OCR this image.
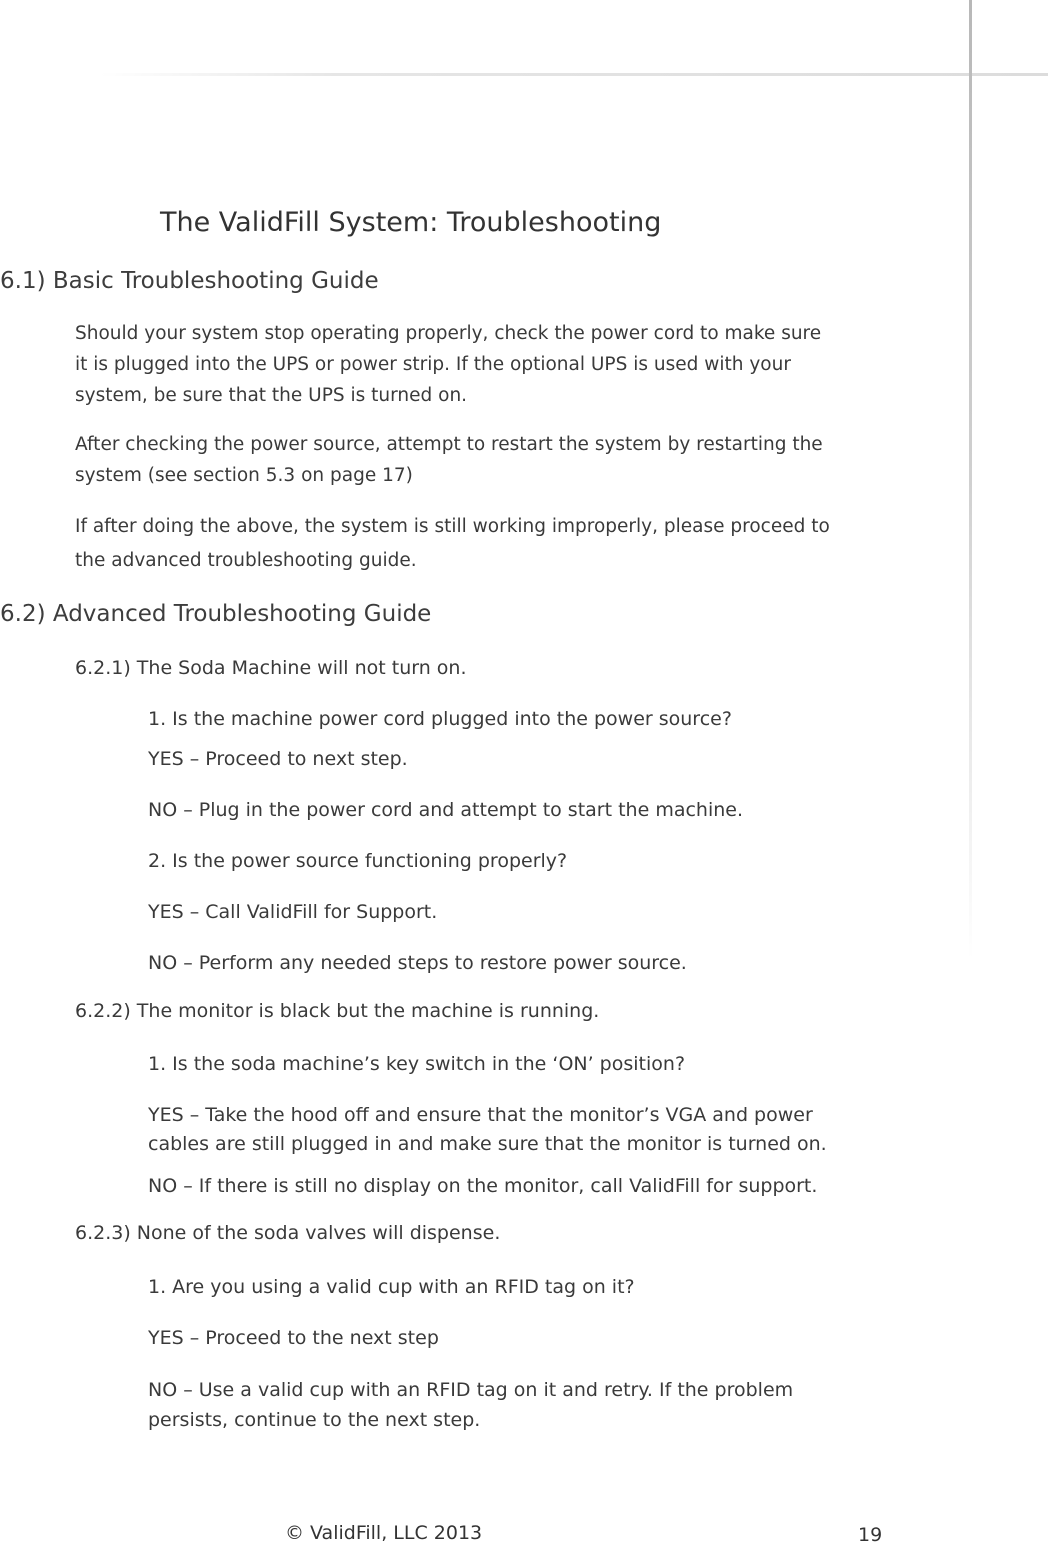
The ValidFill System: Troubleshooting
6.1) Basic Troubleshooting Guide

Should your system stop operating properly, check the power cord to make sure

it is plugged into the UPS or power strip. If the optional UPS is used with your

system, be sure that the UPS is turned on.

After checking the power source, attempt to restart the system by restarting the

system (see section 5.3 on page 17)

If after doing the above, the system is still working improperly, please proceed to

the advanced troubleshooting guide.

6.2) Advanced Troubleshooting Guide
6.2.1) The Soda Machine will not turn on.

1. Is the machine power cord plugged into the power source?

YES – Proceed to next step.

NO – Plug in the power cord and attempt to start the machine.

2. Is the power source functioning properly?

YES – Call ValidFill for Support.

NO – Perform any needed steps to restore power source.

6.2.2) The monitor is black but the machine is running.

1. Is the soda machine’s key switch in the ‘ON’ position?

YES – Take the hood off and ensure that the monitor’s VGA and power

cables are still plugged in and make sure that the monitor is turned on.

NO – If there is still no display on the monitor, call ValidFill for support.

6.2.3) None of the soda valves will dispense.

1. Are you using a valid cup with an RFID tag on it?

YES – Proceed to the next step

NO – Use a valid cup with an RFID tag on it and retry. If the problem

persists, continue to the next step.

© ValidFill, LLC 2013	19
